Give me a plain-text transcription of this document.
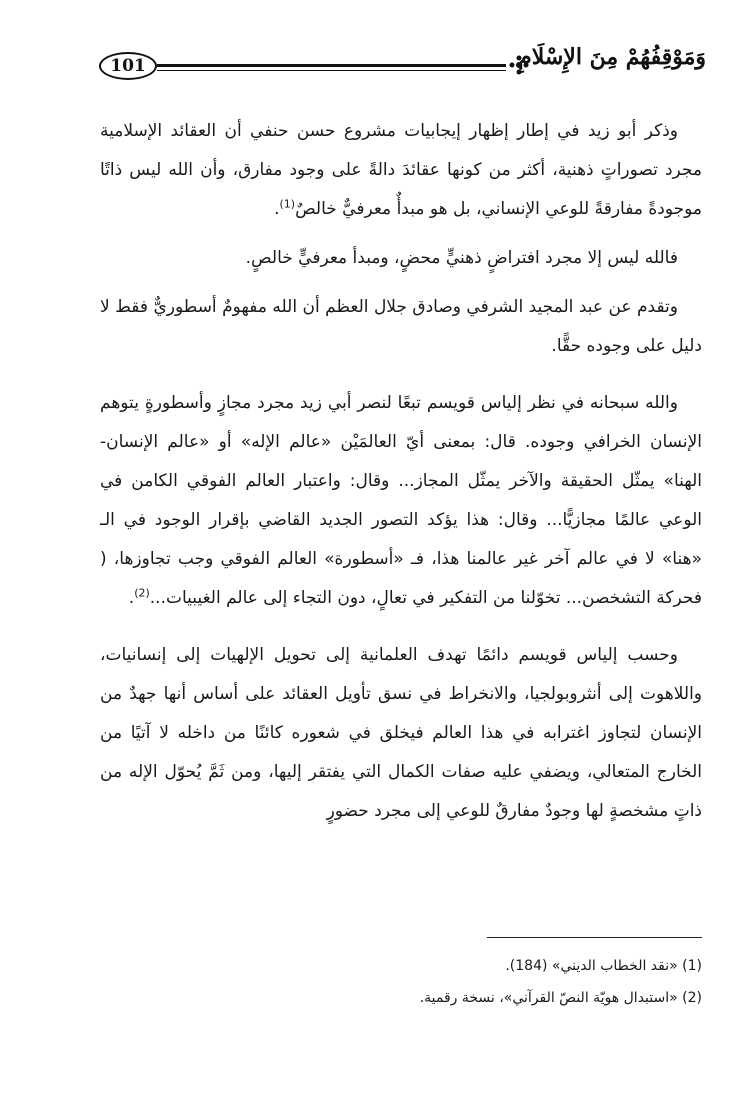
101	وَمَوْقِفُهُمْ مِنَ الإِسْلَامِ

وذكر أبو زيد في إطار إظهار إيجابيات مشروع حسن حنفي أن العقائد الإسلامية مجرد تصوراتٍ ذهنية، أكثر من كونها عقائدَ دالةً على وجود مفارق، وأن الله ليس ذاتًا موجودةً مفارقةً للوعي الإنساني، بل هو مبدأٌ معرفيٌّ خالصٌ$^{(1)}$.

فالله ليس إلا مجرد افتراضٍ ذهنيٍّ محضٍ، ومبدأ معرفيٍّ خالصٍ.

وتقدم عن عبد المجيد الشرفي وصادق جلال العظم أن الله مفهومٌ أسطوريٌّ فقط لا دليل على وجوده حقًّا.

والله سبحانه في نظر إلياس قويسم تبعًا لنصر أبي زيد مجرد مجازٍ وأسطورةٍ يتوهم الإنسان الخرافي وجوده. قال: بمعنى أيّ العالمَيْن «عالم الإله» أو «عالم الإنسان- الهنا» يمثّل الحقيقة والآخر يمثّل المجاز... وقال: واعتبار العالم الفوقي الكامن في الوعي عالمًا مجازيًّا... وقال: هذا يؤكد التصور الجديد القاضي بإقرار الوجود في الـ «هنا» لا في عالم آخر غير عالمنا هذا، فـ «أسطورة» العالم الفوقي وجب تجاوزها، ( فحركة التشخصن... تخوّلنا من التفكير في تعالٍ، دون التجاء إلى عالم الغيبيات...$^{(2)}$.

وحسب إلياس قويسم دائمًا تهدف العلمانية إلى تحويل الإلهيات إلى إنسانيات، واللاهوت إلى أنثروبولجيا، والانخراط في نسق تأويل العقائد على أساس أنها جهدٌ من الإنسان لتجاوز اغترابه في هذا العالم فيخلق في شعوره كائنًا من داخله لا آتيًا من الخارج المتعالي، ويضفي عليه صفات الكمال التي يفتقر إليها، ومن ثَمَّ يُحوّل الإله من ذاتٍ مشخصةٍ لها وجودٌ مفارقٌ للوعي إلى مجرد حضورٍ

(1) «نقد الخطاب الديني» (184).
(2) «استبدال هويّة النصّ القرآني»، نسخة رقمية.
